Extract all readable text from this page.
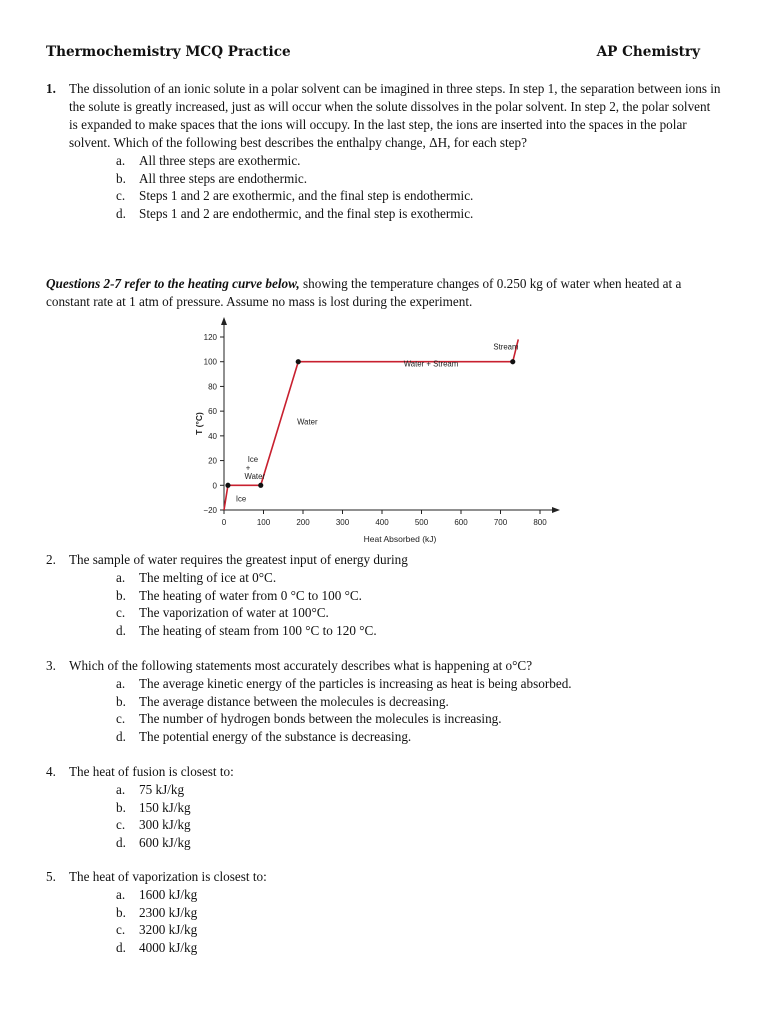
Thermochemistry MCQ Practice	AP Chemistry
1. The dissolution of an ionic solute in a polar solvent can be imagined in three steps. In step 1, the separation between ions in the solute is greatly increased, just as will occur when the solute dissolves in the polar solvent. In step 2, the polar solvent is expanded to make spaces that the ions will occupy. In the last step, the ions are inserted into the spaces in the polar solvent. Which of the following best describes the enthalpy change, ΔH, for each step?
a.	All three steps are exothermic.
b. All three steps are endothermic.
c.	Steps 1 and 2 are exothermic, and the final step is endothermic.
d. Steps 1 and 2 are endothermic, and the final step is exothermic.
Questions 2-7 refer to the heating curve below, showing the temperature changes of 0.250 kg of water when heated at a constant rate at 1 atm of pressure. Assume no mass is lost during the experiment.
−20
0
20
40
60
80
100
120
0	100	200	300	400	500	600	700	800
Heat Absorbed (kJ)
T (°C)
Ice
Ice
+
Water
Water
Water + Stream
Stream
2. The sample of water requires the greatest input of energy during
a.	The melting of ice at 0°C.
b. The heating of water from 0 °C to 100 °C.
c.	The vaporization of water at 100°C.
d. The heating of steam from 100 °C to 120 °C.
3. Which of the following statements most accurately describes what is happening at o°C?
a.	The average kinetic energy of the particles is increasing as heat is being absorbed.
b. The average distance between the molecules is decreasing.
c.	The number of hydrogen bonds between the molecules is increasing.
d. The potential energy of the substance is decreasing.
4. The heat of fusion is closest to:
a.	75 kJ/kg
b. 150 kJ/kg
c.	300 kJ/kg
d. 600 kJ/kg
5. The heat of vaporization is closest to:
a.	1600 kJ/kg
b. 2300 kJ/kg
c.	3200 kJ/kg
d. 4000 kJ/kg
